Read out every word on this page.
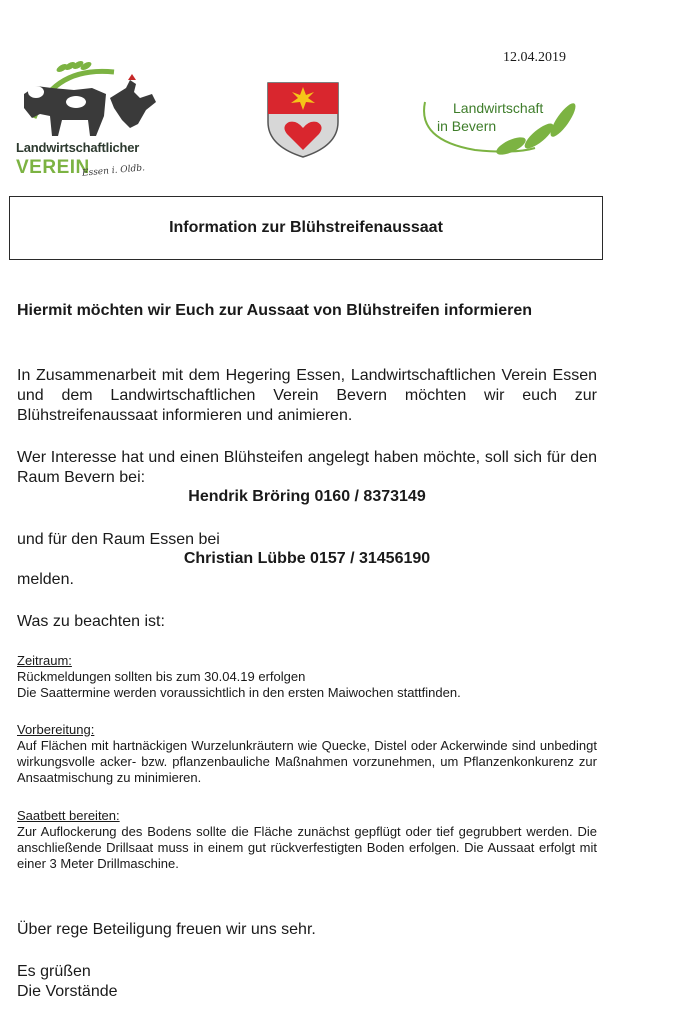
12.04.2019
Landwirtschaftlicher
VEREIN
Essen i. Oldb.
Landwirtschaft
in Bevern
Information zur Blühstreifenaussaat
Hiermit möchten wir Euch zur Aussaat von Blühstreifen informieren
In Zusammenarbeit mit dem Hegering Essen, Landwirtschaftlichen Verein Essen und dem Landwirtschaftlichen Verein Bevern möchten wir euch zur Blühstreifenaussaat informieren und animieren.
Wer Interesse hat und einen Blühsteifen angelegt haben möchte, soll sich für den Raum Bevern bei:
Hendrik Bröring 0160 / 8373149
und für den Raum Essen bei
Christian Lübbe 0157 / 31456190
melden.
Was zu beachten ist:
Zeitraum:
Rückmeldungen sollten bis zum 30.04.19 erfolgen
Die Saattermine werden voraussichtlich in den ersten Maiwochen stattfinden.
Vorbereitung:
Auf Flächen mit hartnäckigen Wurzelunkräutern wie Quecke, Distel oder Ackerwinde sind unbedingt wirkungsvolle acker- bzw. pflanzenbauliche Maßnahmen vorzunehmen, um Pflanzenkonkurenz zur Ansaatmischung zu minimieren.
Saatbett bereiten:
Zur Auflockerung des Bodens sollte die Fläche zunächst gepflügt oder tief gegrubbert werden. Die anschließende Drillsaat muss in einem gut rückverfestigten Boden erfolgen. Die Aussaat erfolgt mit einer 3 Meter Drillmaschine.
Über rege Beteiligung freuen wir uns sehr.
Es grüßen
Die Vorstände
